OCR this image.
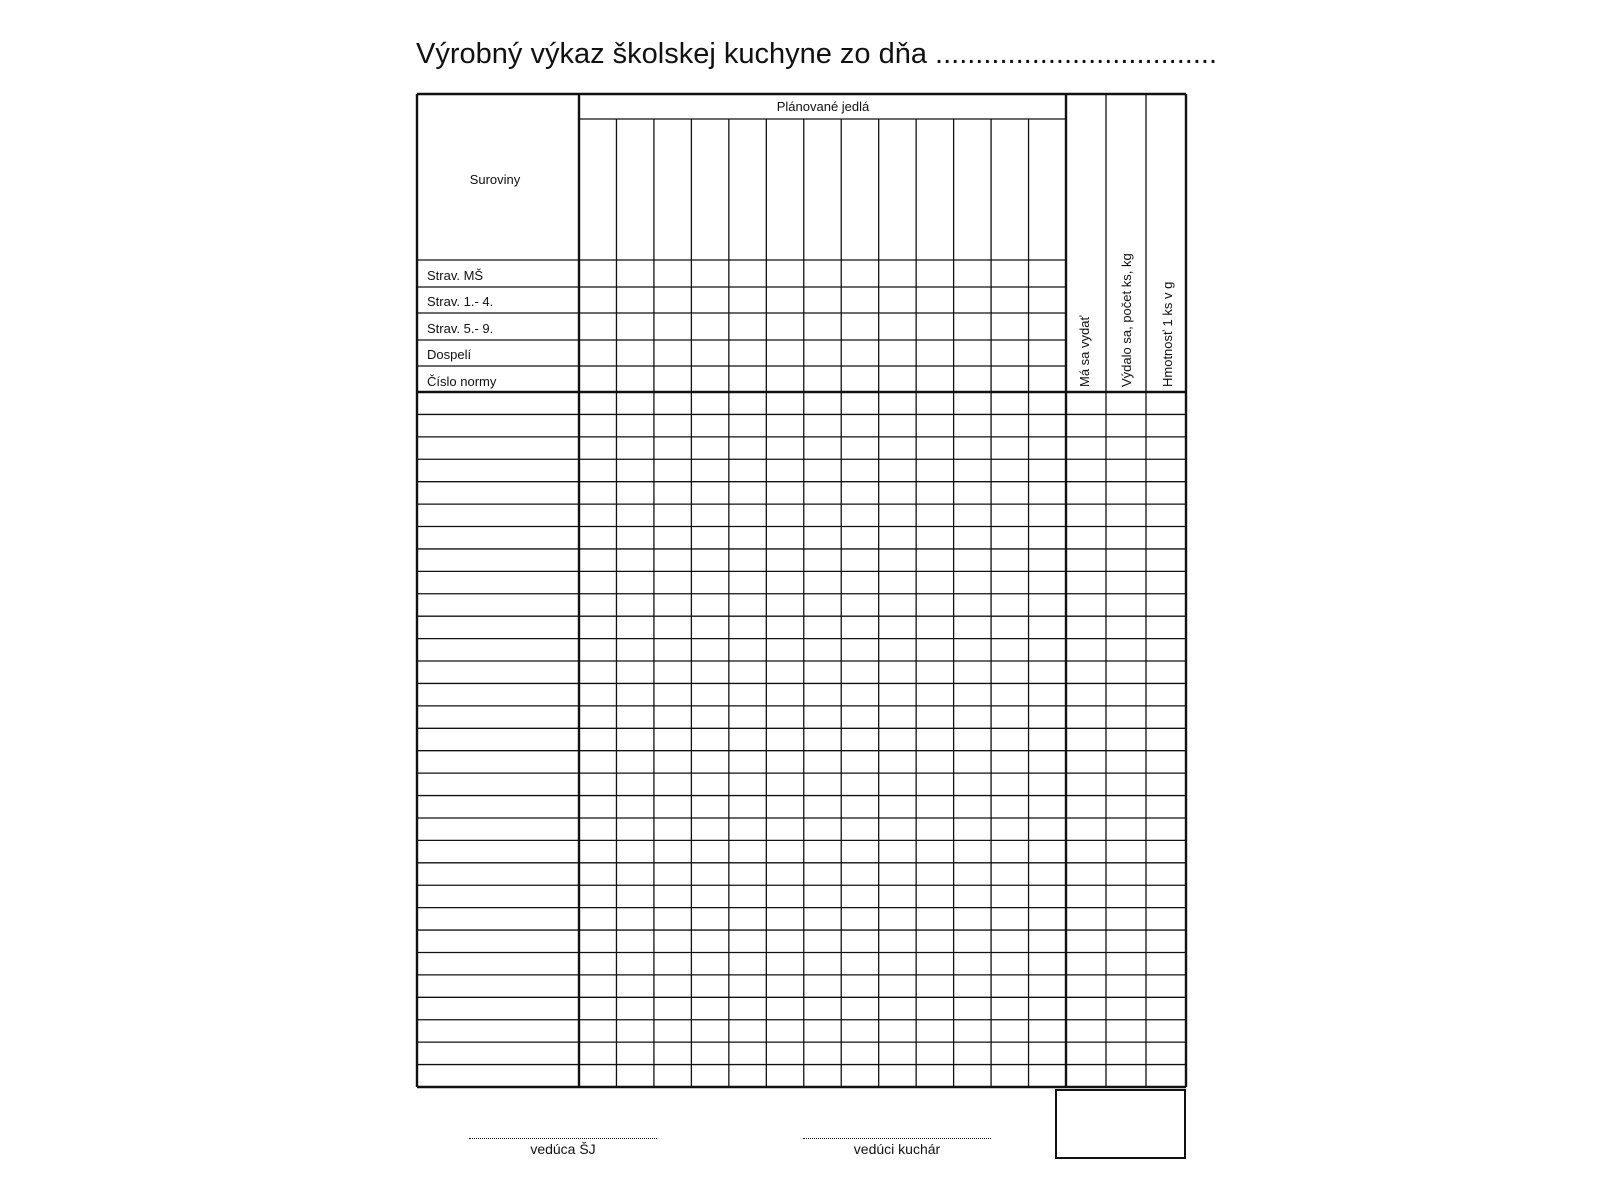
Výrobný výkaz školskej kuchyne zo dňa ...................................
Suroviny
Plánované jedlá
Strav. MŠ
Strav. 1.- 4.
Strav. 5.- 9.
Dospelí
Číslo normy	Má sa vydať Výdalo sa, počet ks, kg Hmotnosť 1 ks v g
vedúca ŠJ	vedúci kuchár
